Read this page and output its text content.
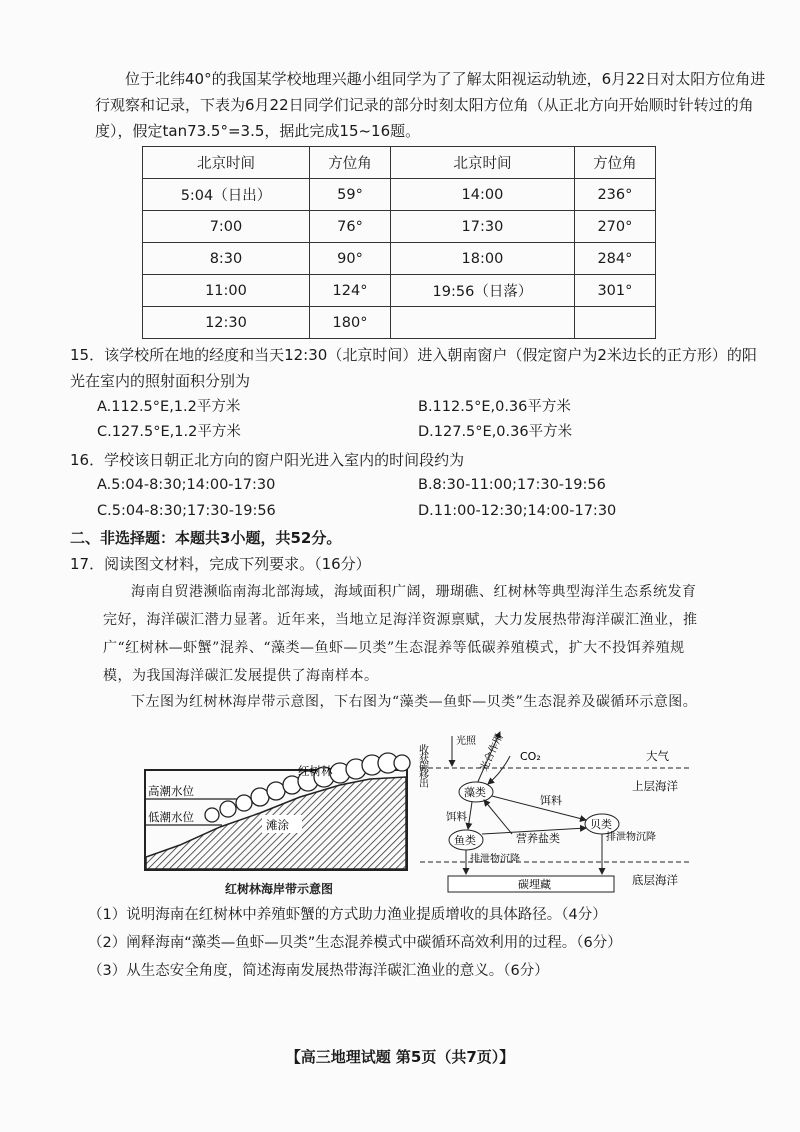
位于北纬40°的我国某学校地理兴趣小组同学为了了解太阳视运动轨迹，6月22日对太阳方位角进行观察和记录，下表为6月22日同学们记录的部分时刻太阳方位角（从正北方向开始顺时针转过的角度），假定tan73.5°=3.5，据此完成15~16题。
北京时间	方位角	北京时间	方位角
5:04（日出）	59°	14:00	236°
7:00	76°	17:30	270°
8:30	90°	18:00	284°
11:00	124°	19:56（日落）	301°
12:30	180°		
15．该学校所在地的经度和当天12:30（北京时间）进入朝南窗户（假定窗户为2米边长的正方形）的阳光在室内的照射面积分别为
A.112.5°E,1.2平方米	B.112.5°E,0.36平方米
C.127.5°E,1.2平方米	D.127.5°E,0.36平方米
16．学校该日朝正北方向的窗户阳光进入室内的时间段约为
A.5:04-8:30;14:00-17:30	B.8:30-11:00;17:30-19:56
C.5:04-8:30;17:30-19:56	D.11:00-12:30;14:00-17:30
二、非选择题：本题共3小题，共52分。
17．阅读图文材料，完成下列要求。（16分）
海南自贸港濒临南海北部海域，海域面积广阔，珊瑚礁、红树林等典型海洋生态系统发育完好，海洋碳汇潜力显著。近年来，当地立足海洋资源禀赋，大力发展热带海洋碳汇渔业，推广“红树林—虾蟹”混养、“藻类—鱼虾—贝类”生态混养等低碳养殖模式，扩大不投饵养殖规模，为我国海洋碳汇发展提供了海南样本。
下左图为红树林海岸带示意图，下右图为“藻类—鱼虾—贝类”生态混养及碳循环示意图。
高潮水位
低潮水位
红树林
滩涂
红树林海岸带示意图
大气
上层海洋
底层海洋
收获碳移出
光照 光合作用 CO₂
藻类
鱼类
贝类
饵料
饵料
营养盐类
排泄物沉降
排泄物沉降
碳埋藏
（1）说明海南在红树林中养殖虾蟹的方式助力渔业提质增收的具体路径。（4分）
（2）阐释海南“藻类—鱼虾—贝类”生态混养模式中碳循环高效利用的过程。（6分）
（3）从生态安全角度，简述海南发展热带海洋碳汇渔业的意义。（6分）
【高三地理试题 第5页（共7页）】
